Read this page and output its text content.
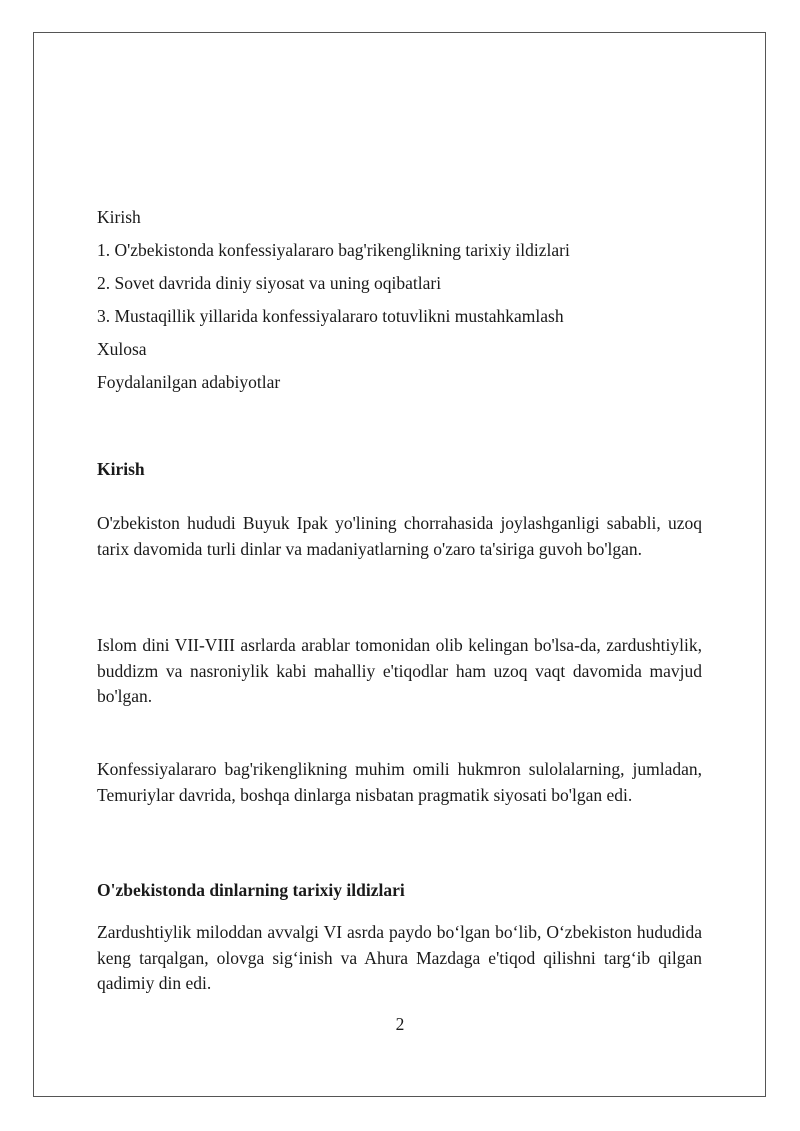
Kirish
1. O'zbekistonda konfessiyalararo bag'rikenglikning tarixiy ildizlari
2. Sovet davrida diniy siyosat va uning oqibatlari
3. Mustaqillik yillarida konfessiyalararo totuvlikni mustahkamlash
Xulosa
Foydalanilgan adabiyotlar
Kirish
O'zbekiston hududi Buyuk Ipak yo'lining chorrahasida joylashganligi sababli, uzoq tarix davomida turli dinlar va madaniyatlarning o'zaro ta'siriga guvoh bo'lgan.
Islom dini VII-VIII asrlarda arablar tomonidan olib kelingan bo'lsa-da, zardushtiylik, buddizm va nasroniylik kabi mahalliy e'tiqodlar ham uzoq vaqt davomida mavjud bo'lgan.
Konfessiyalararo bag'rikenglikning muhim omili hukmron sulolalarning, jumladan, Temuriylar davrida, boshqa dinlarga nisbatan pragmatik siyosati bo'lgan edi.
O'zbekistonda dinlarning tarixiy ildizlari
Zardushtiylik miloddan avvalgi VI asrda paydo bo‘lgan bo‘lib, O‘zbekiston hududida keng tarqalgan, olovga sig‘inish va Ahura Mazdaga e'tiqod qilishni targ‘ib qilgan qadimiy din edi.
2
